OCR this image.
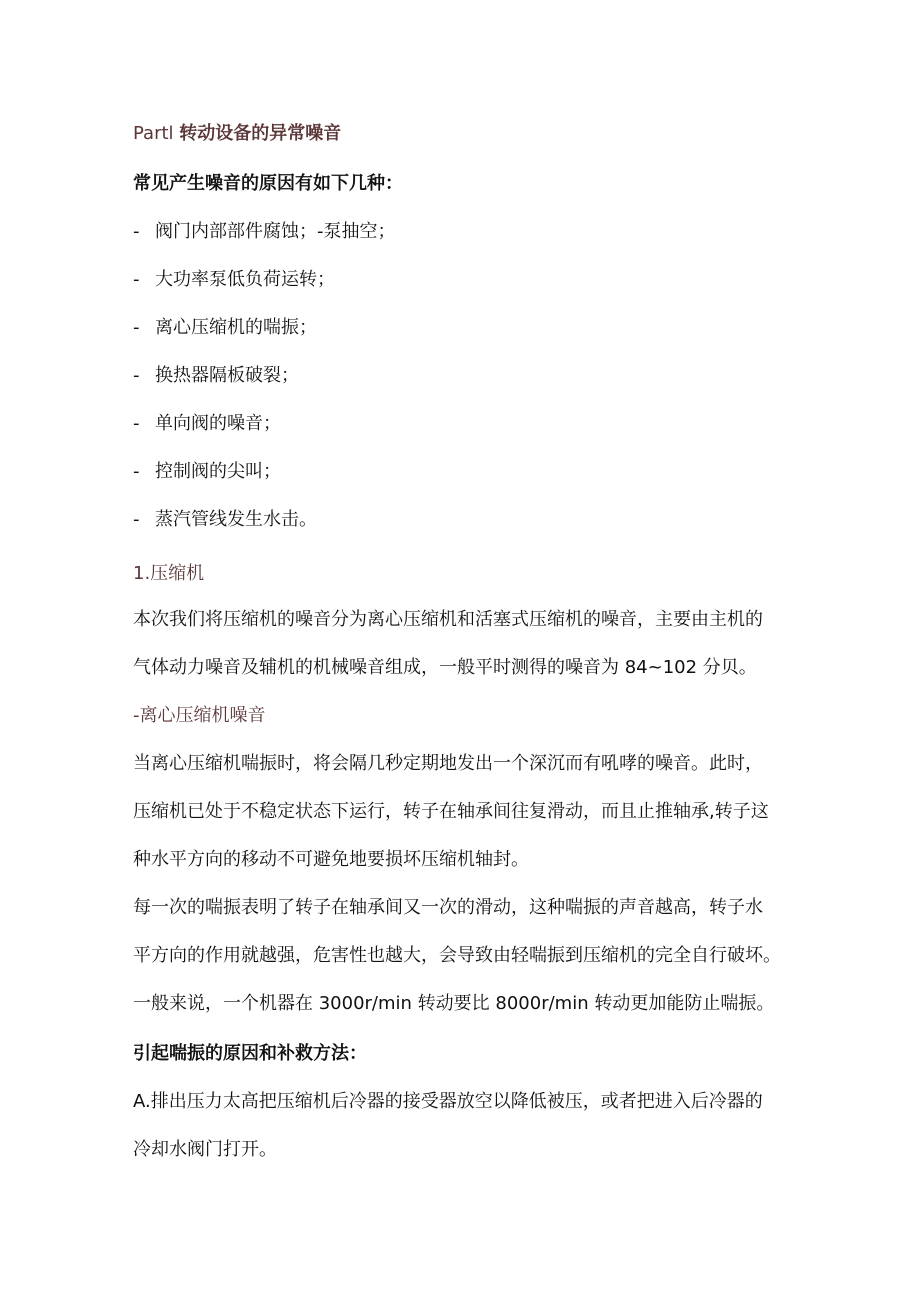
Partl 转动设备的异常噪音
常见产生噪音的原因有如下几种：
- 阀门内部部件腐蚀；-泵抽空；
- 大功率泵低负荷运转；
- 离心压缩机的喘振；
- 换热器隔板破裂；
- 单向阀的噪音；
- 控制阀的尖叫；
- 蒸汽管线发生水击。
1.压缩机
本次我们将压缩机的噪音分为离心压缩机和活塞式压缩机的噪音，主要由主机的
气体动力噪音及辅机的机械噪音组成，一般平时测得的噪音为 84~102 分贝。
-离心压缩机噪音
当离心压缩机喘振时，将会隔几秒定期地发出一个深沉而有吼哮的噪音。此时，
压缩机已处于不稳定状态下运行，转子在轴承间往复滑动，而且止推轴承,转子这
种水平方向的移动不可避免地要损坏压缩机轴封。
每一次的喘振表明了转子在轴承间又一次的滑动，这种喘振的声音越高，转子水
平方向的作用就越强，危害性也越大，会导致由轻喘振到压缩机的完全自行破坏。
一般来说，一个机器在 3000r/min 转动要比 8000r/min 转动更加能防止喘振。
引起喘振的原因和补救方法：
A.排出压力太高把压缩机后冷器的接受器放空以降低被压，或者把进入后冷器的
冷却水阀门打开。
